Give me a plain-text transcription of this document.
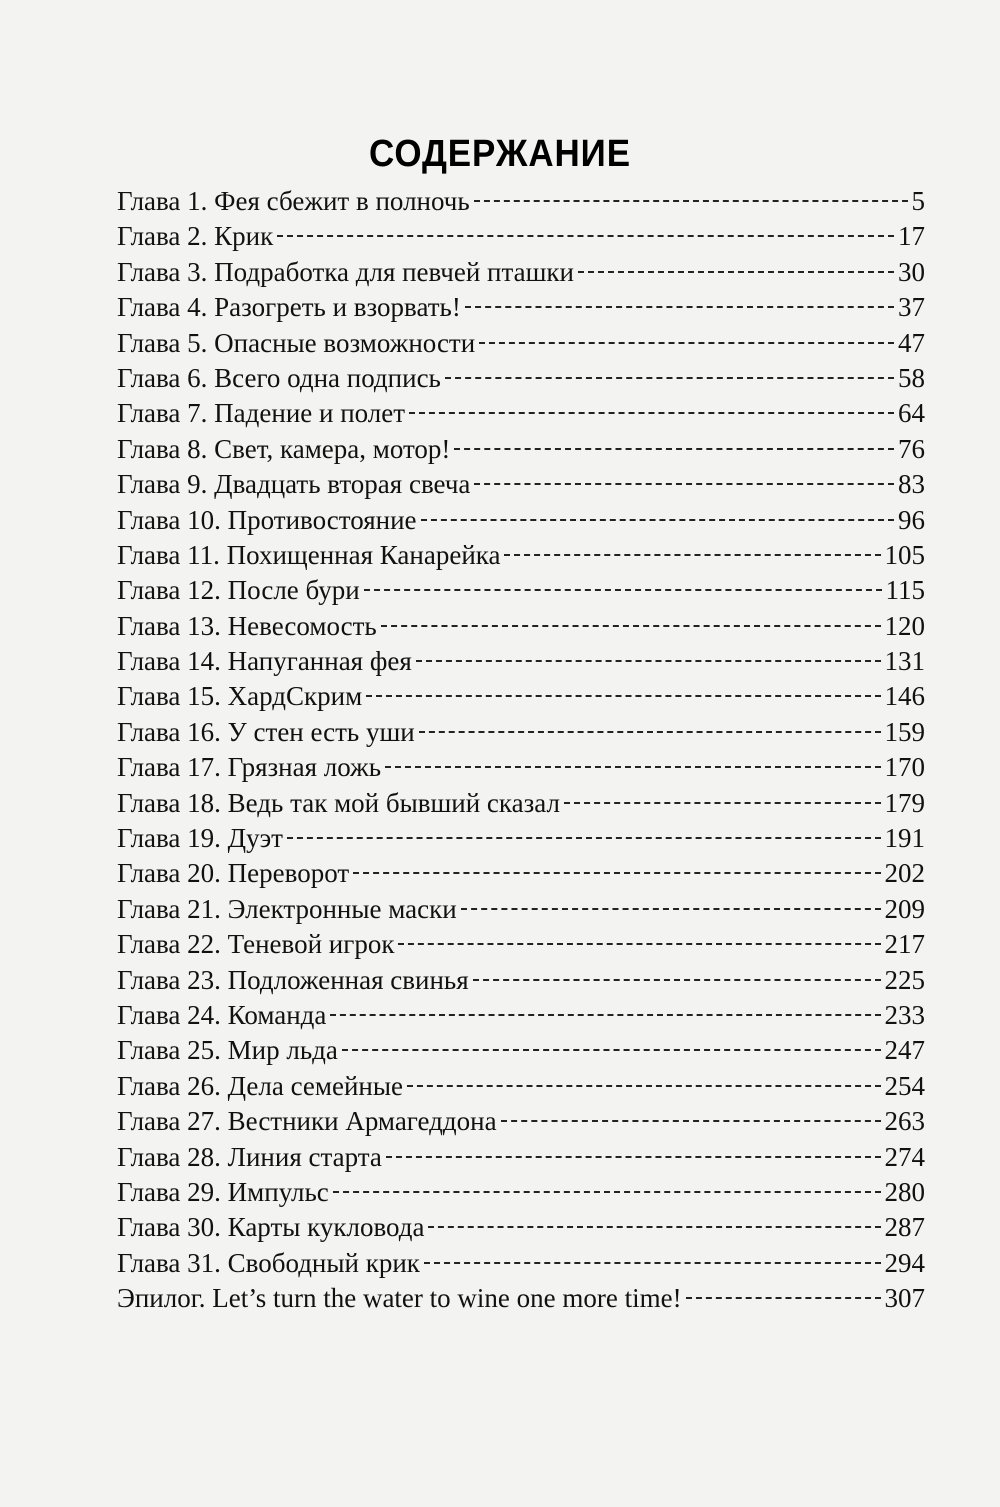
СОДЕРЖАНИЕ
Глава 1. Фея сбежит в полночь	5
Глава 2. Крик	17
Глава 3. Подработка для певчей пташки	30
Глава 4. Разогреть и взорвать!	37
Глава 5. Опасные возможности	47
Глава 6. Всего одна подпись	58
Глава 7. Падение и полет	64
Глава 8. Свет, камера, мотор!	76
Глава 9. Двадцать вторая свеча	83
Глава 10. Противостояние	96
Глава 11. Похищенная Канарейка	105
Глава 12. После бури	115
Глава 13. Невесомость	120
Глава 14. Напуганная фея	131
Глава 15. ХардСкрим	146
Глава 16. У стен есть уши	159
Глава 17. Грязная ложь	170
Глава 18. Ведь так мой бывший сказал	179
Глава 19. Дуэт	191
Глава 20. Переворот	202
Глава 21. Электронные маски	209
Глава 22. Теневой игрок	217
Глава 23. Подложенная свинья	225
Глава 24. Команда	233
Глава 25. Мир льда	247
Глава 26. Дела семейные	254
Глава 27. Вестники Армагеддона	263
Глава 28. Линия старта	274
Глава 29. Импульс	280
Глава 30. Карты кукловода	287
Глава 31. Свободный крик	294
Эпилог. Let’s turn the water to wine one more time!	307
